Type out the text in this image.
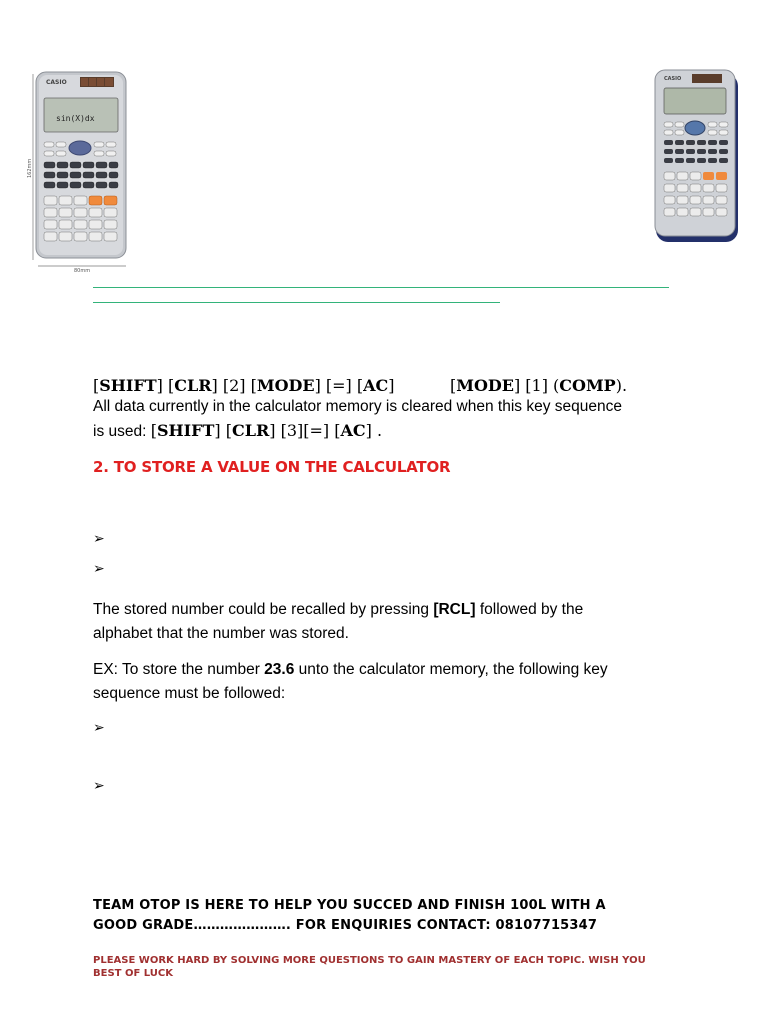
162mm
80mm
CASIO
sin(X)dx
CASIO
[SHIFT] [CLR] [2] [MODE] [=] [AC]	[MODE] [1] (COMP).
All data currently in the calculator memory is cleared when this key sequence
is used: [SHIFT] [CLR] [3][=] [AC] .
2. TO STORE A VALUE ON THE CALCULATOR
➢
➢
The stored number could be recalled by pressing [RCL] followed by the
alphabet that the number was stored.
EX: To store the number 23.6 unto the calculator memory, the following key
sequence must be followed:
➢
➢
TEAM OTOP IS HERE TO HELP YOU SUCCED AND FINISH 100L WITH A
GOOD GRADE…………………. FOR ENQUIRIES CONTACT: 08107715347
PLEASE WORK HARD BY SOLVING MORE QUESTIONS TO GAIN MASTERY OF EACH TOPIC. WISH YOU
BEST OF LUCK
